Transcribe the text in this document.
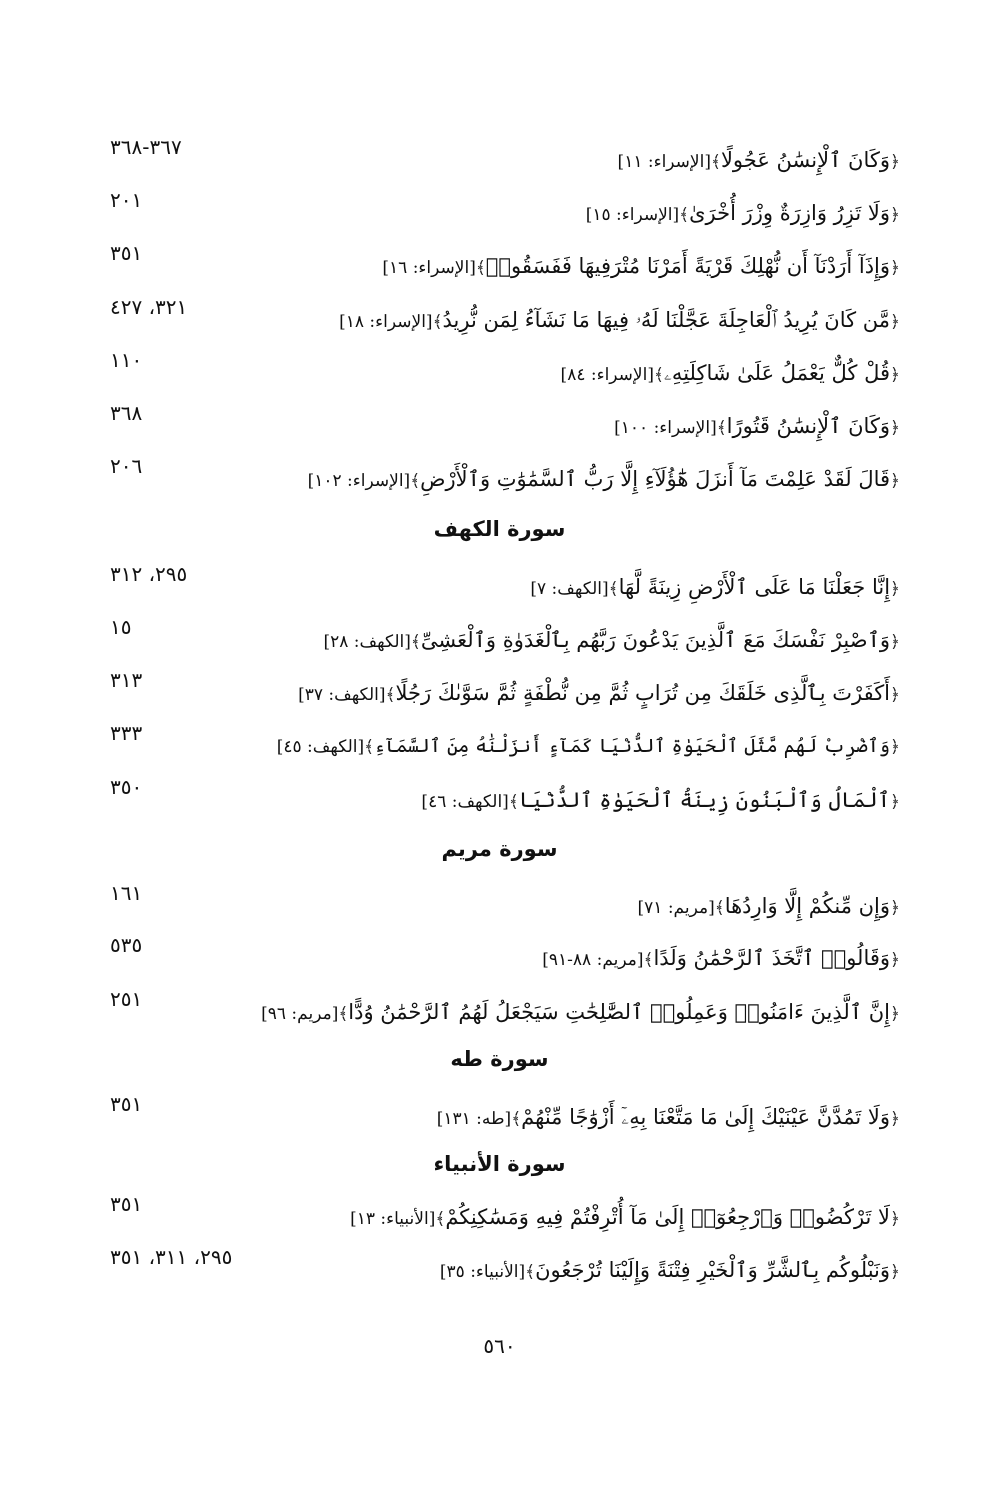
٣٦٧-٣٦٨
﴿وَكَانَ ٱلْإِنسَٰنُ عَجُولًا﴾[الإسراء: ١١]
٢٠١
﴿وَلَا تَزِرُ وَازِرَةٌ وِزْرَ أُخْرَىٰ﴾[الإسراء: ١٥]
٣٥١
﴿وَإِذَآ أَرَدْنَآ أَن نُّهْلِكَ قَرْيَةً أَمَرْنَا مُتْرَفِيهَا فَفَسَقُوا۟﴾[الإسراء: ١٦]
٣٢١، ٤٢٧
﴿مَّن كَانَ يُرِيدُ ٱلْعَاجِلَةَ عَجَّلْنَا لَهُۥ فِيهَا مَا نَشَآءُ لِمَن نُّرِيدُ﴾[الإسراء: ١٨]
١١٠
﴿قُلْ كُلٌّ يَعْمَلُ عَلَىٰ شَاكِلَتِهِۦ﴾[الإسراء: ٨٤]
٣٦٨
﴿وَكَانَ ٱلْإِنسَٰنُ قَتُورًا﴾[الإسراء: ١٠٠]
٢٠٦
﴿قَالَ لَقَدْ عَلِمْتَ مَآ أَنزَلَ هَٰٓؤُلَآءِ إِلَّا رَبُّ ٱلسَّمَٰوَٰتِ وَٱلْأَرْضِ﴾[الإسراء: ١٠٢]
سورة الكهف
٢٩٥، ٣١٢
﴿إِنَّا جَعَلْنَا مَا عَلَى ٱلْأَرْضِ زِينَةً لَّهَا﴾[الكهف: ٧]
١٥
﴿وَٱصْبِرْ نَفْسَكَ مَعَ ٱلَّذِينَ يَدْعُونَ رَبَّهُم بِٱلْغَدَوٰةِ وَٱلْعَشِىِّ﴾[الكهف: ٢٨]
٣١٣
﴿أَكَفَرْتَ بِٱلَّذِى خَلَقَكَ مِن تُرَابٍ ثُمَّ مِن نُّطْفَةٍ ثُمَّ سَوَّىٰكَ رَجُلًا﴾[الكهف: ٣٧]
٣٣٣
﴿وَٱضْرِبْ لَهُم مَّثَلَ ٱلْحَيَوٰةِ ٱلدُّنْيَا كَمَآءٍ أَنزَلْنَٰهُ مِنَ ٱلسَّمَآءِ﴾[الكهف: ٤٥]
٣٥٠
﴿ٱلْمَالُ وَٱلْبَنُونَ زِينَةُ ٱلْحَيَوٰةِ ٱلدُّنْيَا﴾[الكهف: ٤٦]
سورة مريم
١٦١
﴿وَإِن مِّنكُمْ إِلَّا وَارِدُهَا﴾[مريم: ٧١]
٥٣٥
﴿وَقَالُوا۟ ٱتَّخَذَ ٱلرَّحْمَٰنُ وَلَدًا﴾[مريم: ٨٨-٩١]
٢٥١
﴿إِنَّ ٱلَّذِينَ ءَامَنُوا۟ وَعَمِلُوا۟ ٱلصَّٰلِحَٰتِ سَيَجْعَلُ لَهُمُ ٱلرَّحْمَٰنُ وُدًّا﴾[مريم: ٩٦]
سورة طه
٣٥١
﴿وَلَا تَمُدَّنَّ عَيْنَيْكَ إِلَىٰ مَا مَتَّعْنَا بِهِۦٓ أَزْوَٰجًا مِّنْهُمْ﴾[طه: ١٣١]
سورة الأنبياء
٣٥١
﴿لَا تَرْكُضُوا۟ وَٱرْجِعُوٓا۟ إِلَىٰ مَآ أُتْرِفْتُمْ فِيهِ وَمَسَٰكِنِكُمْ﴾[الأنبياء: ١٣]
٢٩٥، ٣١١، ٣٥١
﴿وَنَبْلُوكُم بِٱلشَّرِّ وَٱلْخَيْرِ فِتْنَةً وَإِلَيْنَا تُرْجَعُونَ﴾[الأنبياء: ٣٥]
٥٦٠
